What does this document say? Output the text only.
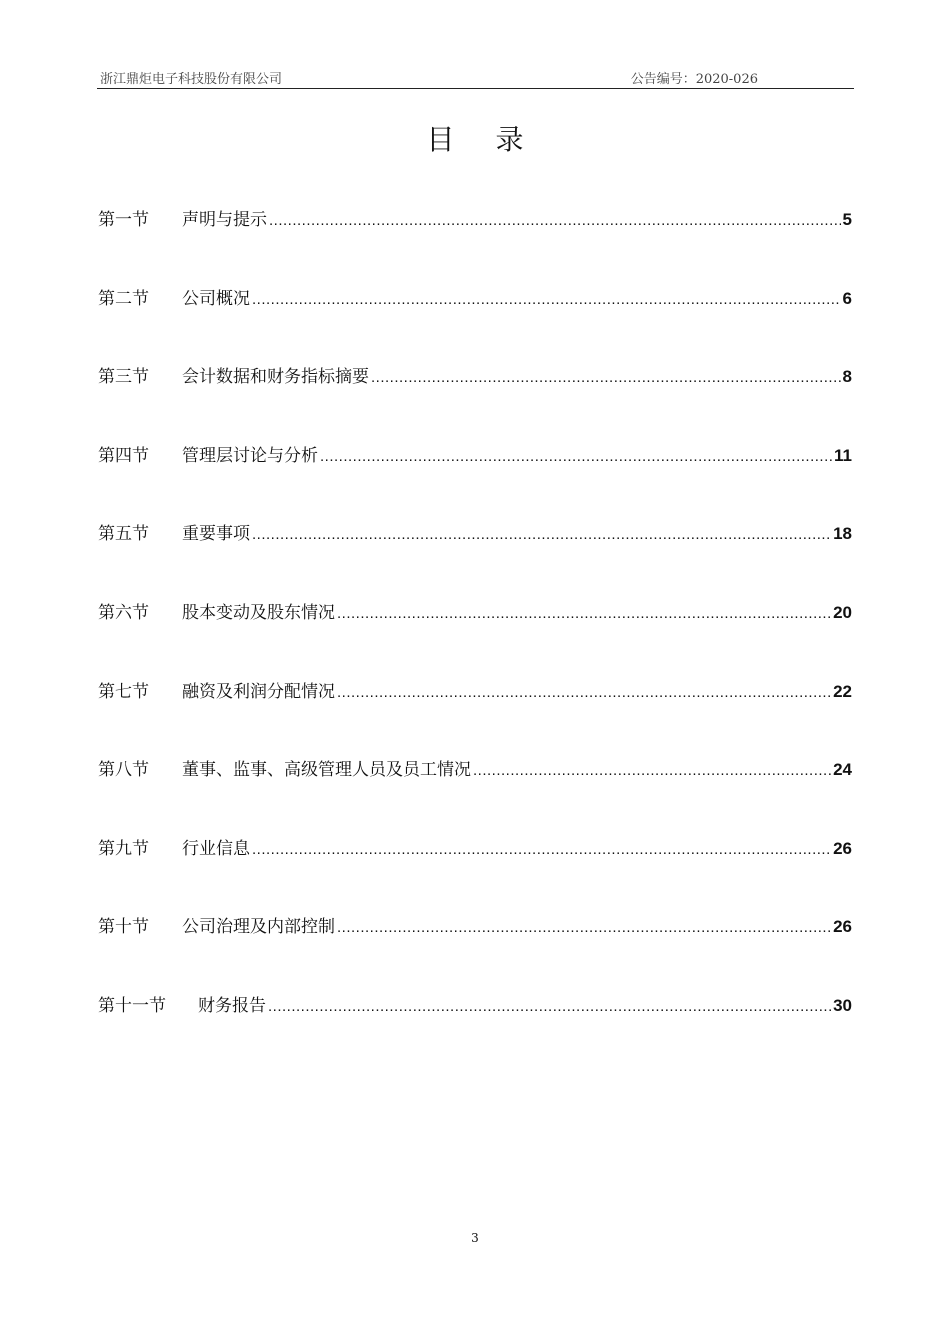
浙江鼎炬电子科技股份有限公司	公告编号：2020-026
目 录
第一节	声明与提示 .....	5
第二节	公司概况 .....	6
第三节	会计数据和财务指标摘要 .....	8
第四节	管理层讨论与分析 .....	11
第五节	重要事项 .....	18
第六节	股本变动及股东情况 .....	20
第七节	融资及利润分配情况 .....	22
第八节	董事、监事、高级管理人员及员工情况 .....	24
第九节	行业信息 .....	26
第十节	公司治理及内部控制 .....	26
第十一节	财务报告 .....	30
3
